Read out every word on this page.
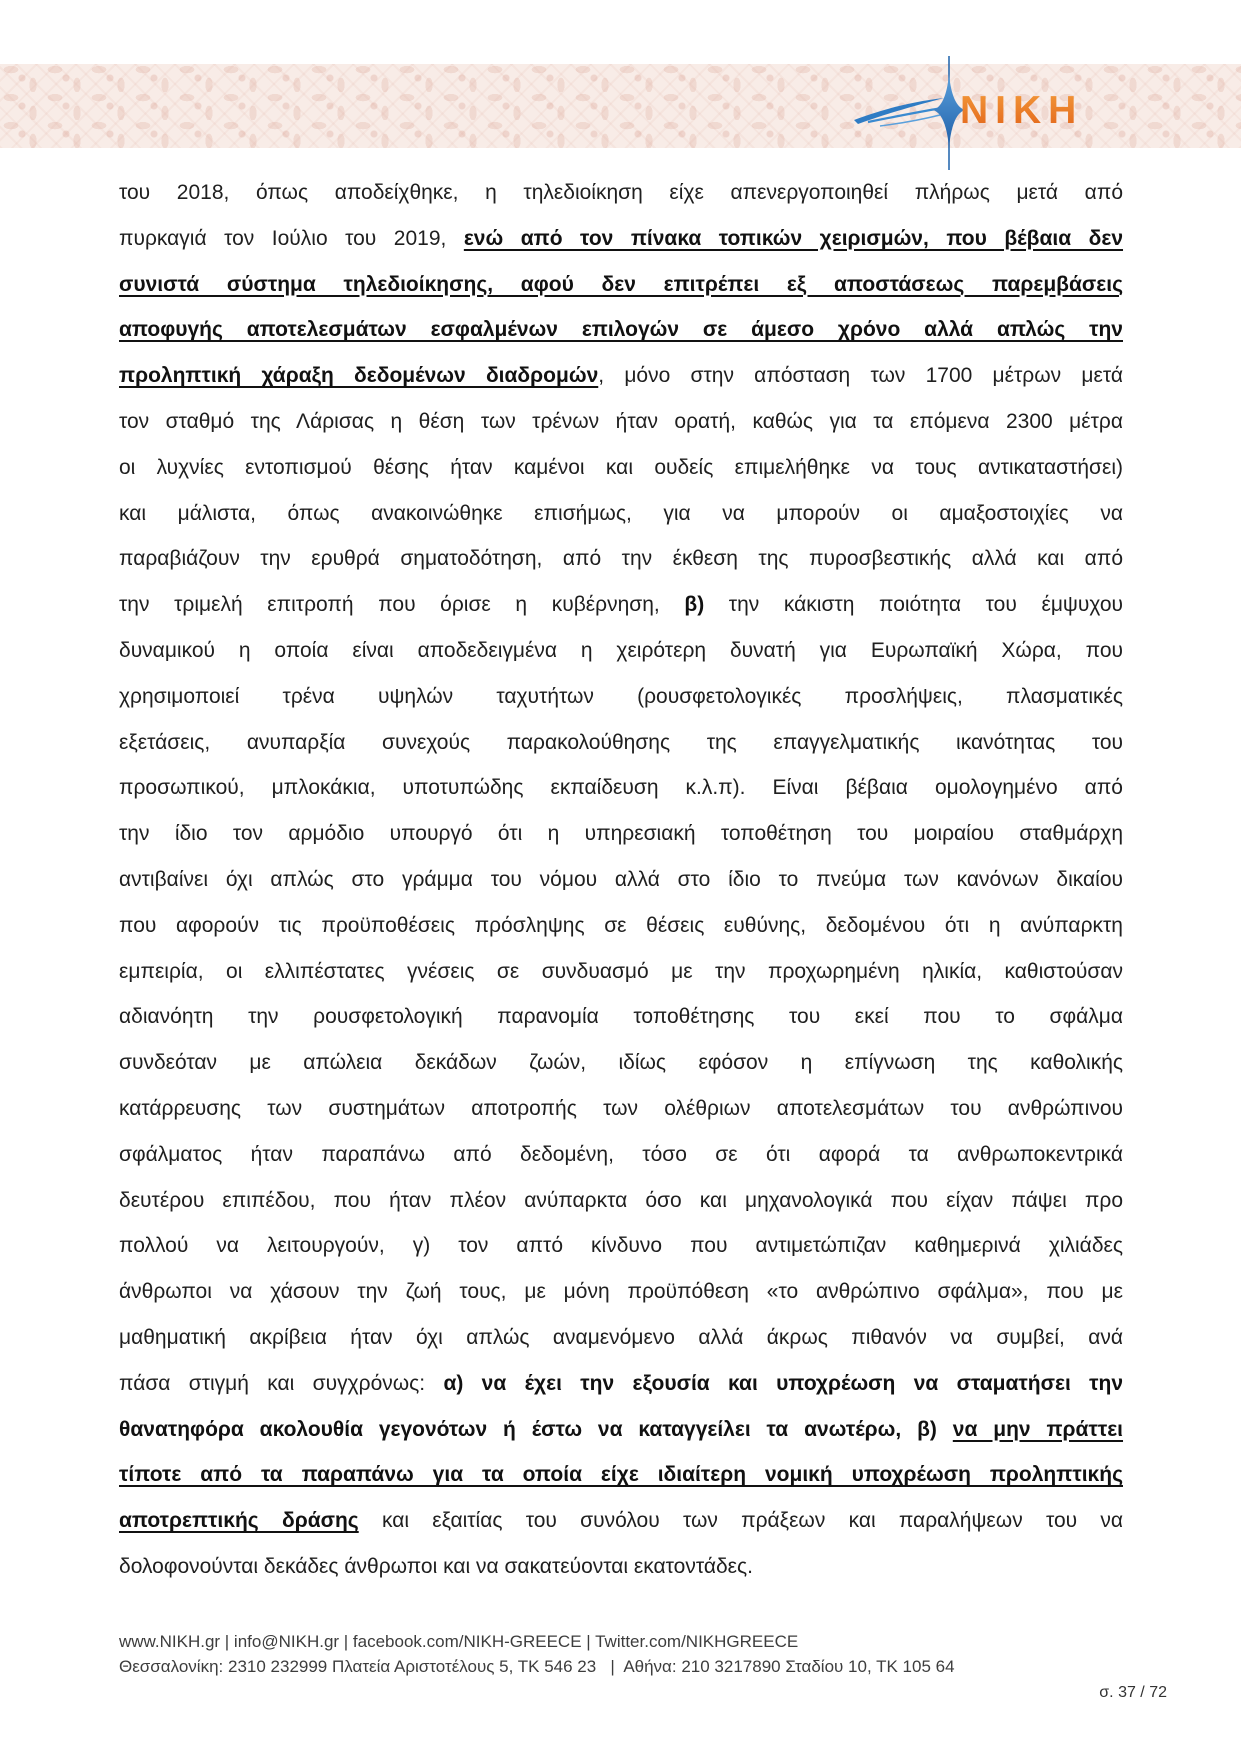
NIKH
του 2018, όπως αποδείχθηκε, η τηλεδιοίκηση είχε απενεργοποιηθεί πλήρως μετά από
πυρκαγιά τον Ιούλιο του 2019, ενώ από τον πίνακα τοπικών χειρισμών, που βέβαια δεν
συνιστά σύστημα τηλεδιοίκησης, αφού δεν επιτρέπει εξ αποστάσεως παρεμβάσεις
αποφυγής αποτελεσμάτων εσφαλμένων επιλογών σε άμεσο χρόνο αλλά απλώς την
προληπτική χάραξη δεδομένων διαδρομών, μόνο στην απόσταση των 1700 μέτρων μετά
τον σταθμό της Λάρισας η θέση των τρένων ήταν ορατή, καθώς για τα επόμενα 2300 μέτρα
οι λυχνίες εντοπισμού θέσης ήταν καμένοι και ουδείς επιμελήθηκε να τους αντικαταστήσει)
και μάλιστα, όπως ανακοινώθηκε επισήμως, για να μπορούν οι αμαξοστοιχίες να
παραβιάζουν την ερυθρά σηματοδότηση, από την έκθεση της πυροσβεστικής αλλά και από
την τριμελή επιτροπή που όρισε η κυβέρνηση, β) την κάκιστη ποιότητα του έμψυχου
δυναμικού η οποία είναι αποδεδειγμένα η χειρότερη δυνατή για Ευρωπαϊκή Χώρα, που
χρησιμοποιεί τρένα υψηλών ταχυτήτων (ρουσφετολογικές προσλήψεις, πλασματικές
εξετάσεις, ανυπαρξία συνεχούς παρακολούθησης της επαγγελματικής ικανότητας του
προσωπικού, μπλοκάκια, υποτυπώδης εκπαίδευση κ.λ.π). Είναι βέβαια ομολογημένο από
την ίδιο τον αρμόδιο υπουργό ότι η υπηρεσιακή τοποθέτηση του μοιραίου σταθμάρχη
αντιβαίνει όχι απλώς στο γράμμα του νόμου αλλά στο ίδιο το πνεύμα των κανόνων δικαίου
που αφορούν τις προϋποθέσεις πρόσληψης σε θέσεις ευθύνης, δεδομένου ότι η ανύπαρκτη
εμπειρία, οι ελλιπέστατες γνέσεις σε συνδυασμό με την προχωρημένη ηλικία, καθιστούσαν
αδιανόητη την ρουσφετολογική παρανομία τοποθέτησης του εκεί που το σφάλμα
συνδεόταν με απώλεια δεκάδων ζωών, ιδίως εφόσον η επίγνωση της καθολικής
κατάρρευσης των συστημάτων αποτροπής των ολέθριων αποτελεσμάτων του ανθρώπινου
σφάλματος ήταν παραπάνω από δεδομένη, τόσο σε ότι αφορά τα ανθρωποκεντρικά
δευτέρου επιπέδου, που ήταν πλέον ανύπαρκτα όσο και μηχανολογικά που είχαν πάψει προ
πολλού να λειτουργούν, γ) τον απτό κίνδυνο που αντιμετώπιζαν καθημερινά χιλιάδες
άνθρωποι να χάσουν την ζωή τους, με μόνη προϋπόθεση «το ανθρώπινο σφάλμα», που με
μαθηματική ακρίβεια ήταν όχι απλώς αναμενόμενο αλλά άκρως πιθανόν να συμβεί, ανά
πάσα στιγμή και συγχρόνως: α) να έχει την εξουσία και υποχρέωση να σταματήσει την
θανατηφόρα ακολουθία γεγονότων ή έστω να καταγγείλει τα ανωτέρω, β) να μην πράττει
τίποτε από τα παραπάνω για τα οποία είχε ιδιαίτερη νομική υποχρέωση προληπτικής
αποτρεπτικής δράσης και εξαιτίας του συνόλου των πράξεων και παραλήψεων του να
δολοφονούνται δεκάδες άνθρωποι και να σακατεύονται εκατοντάδες.
www.NIKH.gr | info@NIKH.gr | facebook.com/NIKH-GREECE | Twitter.com/NIKHGREECE
Θεσσαλονίκη: 2310 232999 Πλατεία Αριστοτέλους 5, ΤΚ 546 23   |  Αθήνα: 210 3217890 Σταδίου 10, ΤΚ 105 64
σ. 37 / 72
